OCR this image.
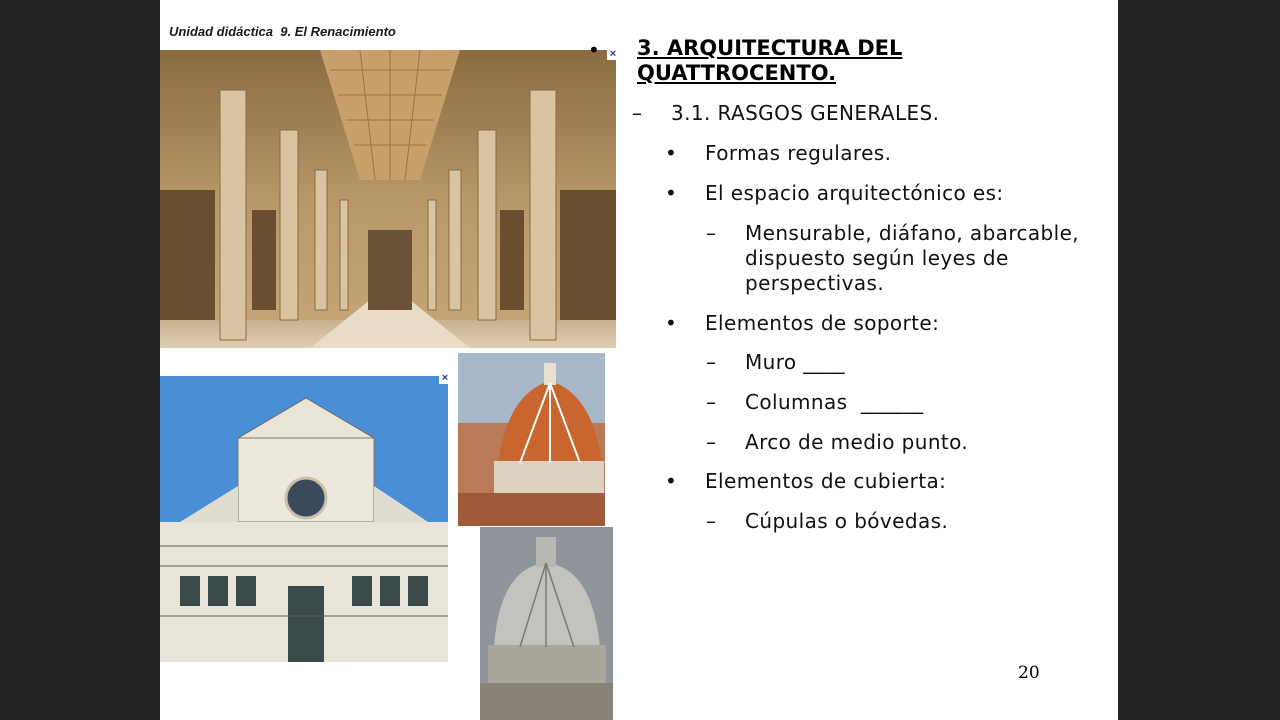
Unidad didáctica  9. El Renacimiento
×
×
• 3. ARQUITECTURA DEL QUATTROCENTO.
– 3.1. RASGOS GENERALES.
• Formas regulares.
• El espacio arquitectónico es:
– Mensurable, diáfano, abarcable, dispuesto según leyes de perspectivas.
• Elementos de soporte:
– Muro ____
– Columnas  ______
– Arco de medio punto.
• Elementos de cubierta:
– Cúpulas o bóvedas.
20
